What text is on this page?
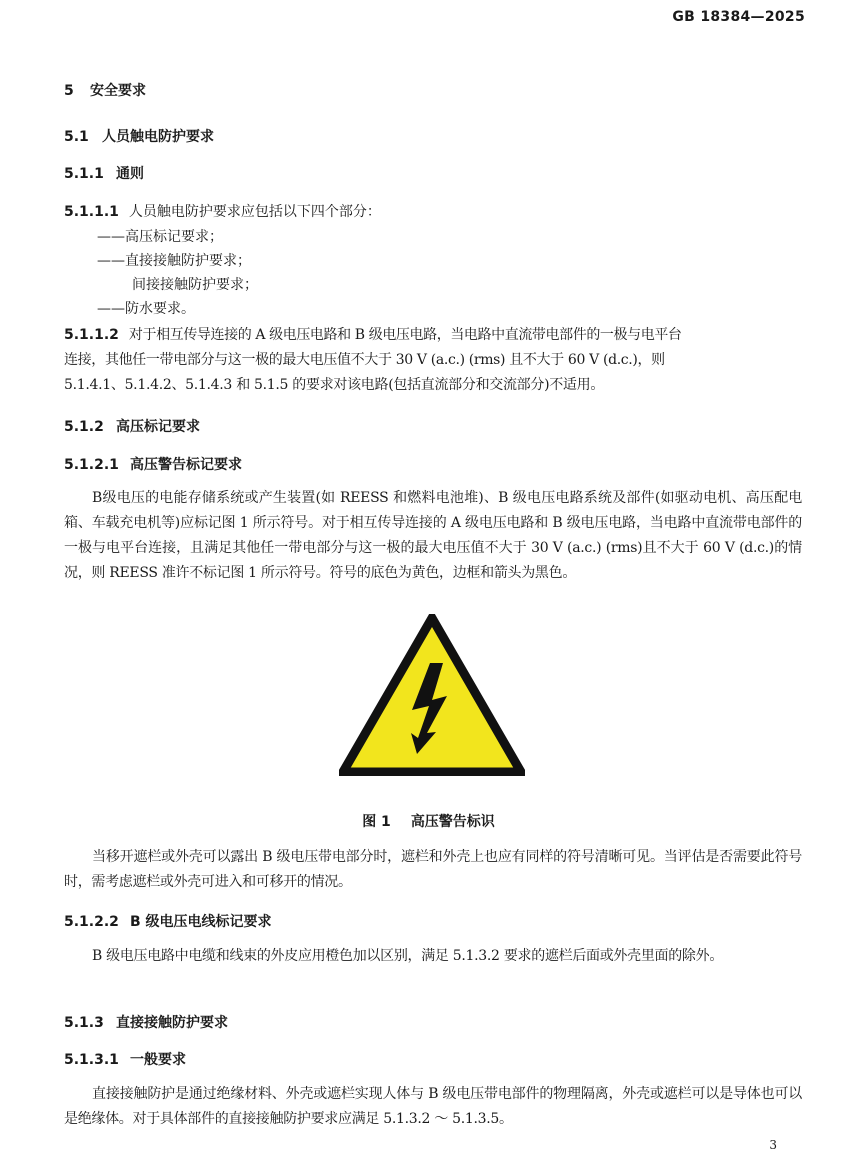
GB 18384—2025
5 安全要求
5.1 人员触电防护要求
5.1.1 通则
5.1.1.1 人员触电防护要求应包括以下四个部分：
——高压标记要求；
——直接接触防护要求；
间接接触防护要求；
——防水要求。
5.1.1.2 对于相互传导连接的 A 级电压电路和 B 级电压电路，当电路中直流带电部件的一极与电平台
连接，其他任一带电部分与这一极的最大电压值不大于 30 V (a.c.) (rms) 且不大于 60 V (d.c.)，则
5.1.4.1、5.1.4.2、5.1.4.3 和 5.1.5 的要求对该电路(包括直流部分和交流部分)不适用。
5.1.2 高压标记要求
5.1.2.1 高压警告标记要求
B级电压的电能存储系统或产生装置(如 REESS 和燃料电池堆)、B 级电压电路系统及部件(如驱动电机、高压配电箱、车载充电机等)应标记图 1 所示符号。对于相互传导连接的 A 级电压电路和 B 级电压电路，当电路中直流带电部件的一极与电平台连接，且满足其他任一带电部分与这一极的最大电压值不大于 30 V (a.c.) (rms)且不大于 60 V (d.c.)的情况，则 REESS 准许不标记图 1 所示符号。符号的底色为黄色，边框和箭头为黑色。
图 1 高压警告标识
当移开遮栏或外壳可以露出 B 级电压带电部分时，遮栏和外壳上也应有同样的符号清晰可见。当评估是否需要此符号时，需考虑遮栏或外壳可进入和可移开的情况。
5.1.2.2 B 级电压电线标记要求
B 级电压电路中电缆和线束的外皮应用橙色加以区别，满足 5.1.3.2 要求的遮栏后面或外壳里面的除外。
5.1.3 直接接触防护要求
5.1.3.1 一般要求
直接接触防护是通过绝缘材料、外壳或遮栏实现人体与 B 级电压带电部件的物理隔离，外壳或遮栏可以是导体也可以是绝缘体。对于具体部件的直接接触防护要求应满足 5.1.3.2 ～ 5.1.3.5。
3
